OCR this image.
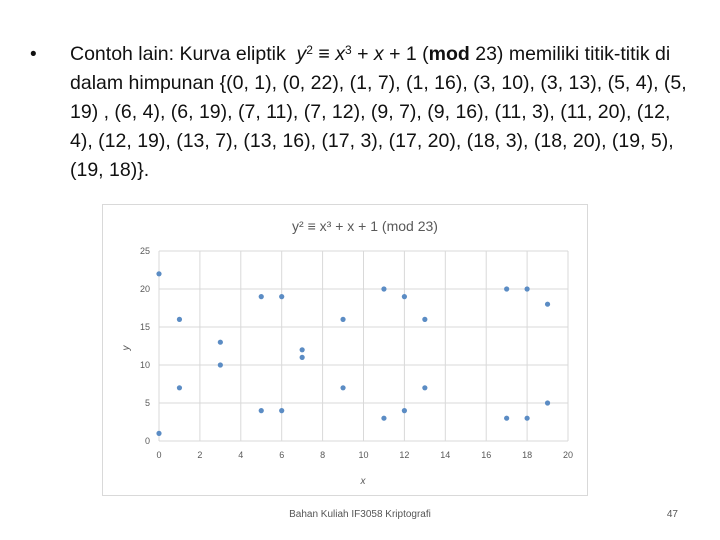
• Contoh lain: Kurva eliptik $y^2 \equiv x^3 + x + 1$ (mod 23) memiliki titik-titik di dalam himpunan {(0, 1), (0, 22), (1, 7), (1, 16), (3, 10), (3, 13), (5, 4), (5, 19) , (6, 4), (6, 19), (7, 11), (7, 12), (9, 7), (9, 16), (11, 3), (11, 20), (12, 4), (12, 19), (13, 7), (13, 16), (17, 3), (17, 20), (18, 3), (18, 20), (19, 5), (19, 18)}.
y² ≡ x³ + x + 1 (mod 23)
y
x
0	2	4	6	8	10	12	14	16	18	20
0
5
10
15
20
25
Bahan Kuliah IF3058 Kriptografi	47
